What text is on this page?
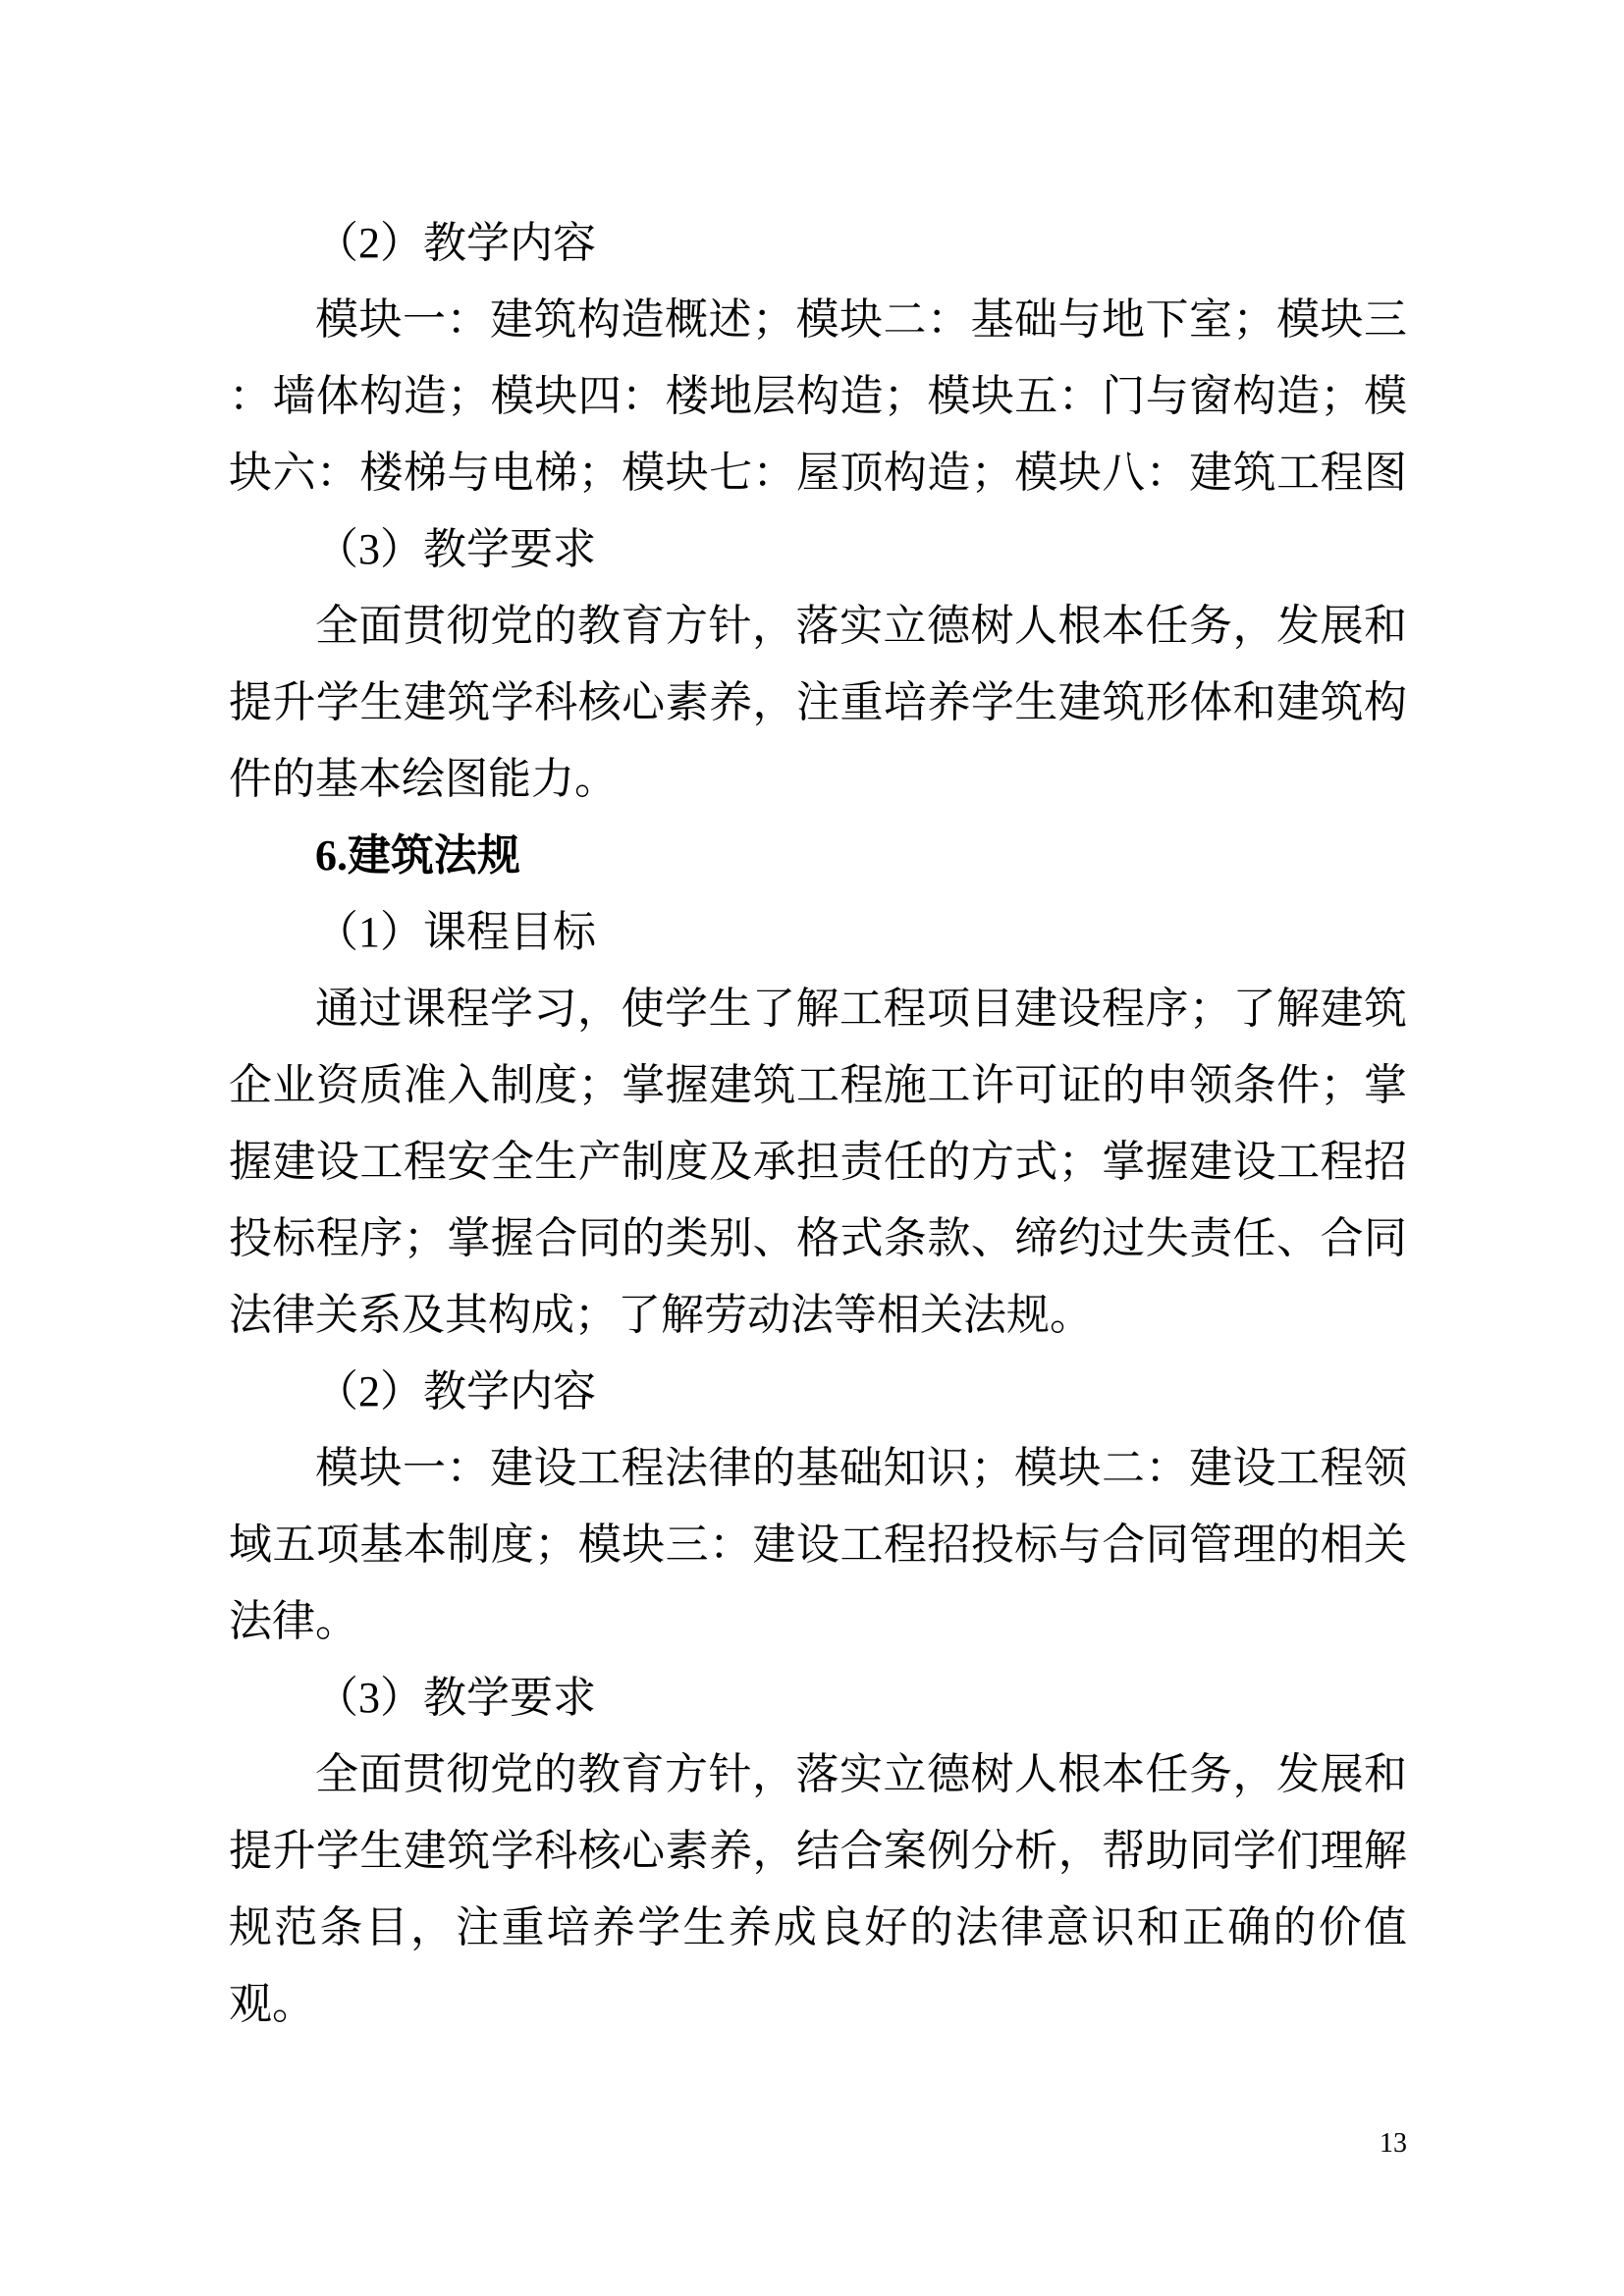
（2）教学内容
模块一：建筑构造概述；模块二：基础与地下室；模块三
：墙体构造；模块四：楼地层构造；模块五：门与窗构造；模
块六：楼梯与电梯；模块七：屋顶构造；模块八：建筑工程图
（3）教学要求
全面贯彻党的教育方针，落实立德树人根本任务，发展和
提升学生建筑学科核心素养，注重培养学生建筑形体和建筑构
件的基本绘图能力。
6.建筑法规
（1）课程目标
通过课程学习，使学生了解工程项目建设程序；了解建筑
企业资质准入制度；掌握建筑工程施工许可证的申领条件；掌
握建设工程安全生产制度及承担责任的方式；掌握建设工程招
投标程序；掌握合同的类别、格式条款、缔约过失责任、合同
法律关系及其构成；了解劳动法等相关法规。
（2）教学内容
模块一：建设工程法律的基础知识；模块二：建设工程领
域五项基本制度；模块三：建设工程招投标与合同管理的相关
法律。
（3）教学要求
全面贯彻党的教育方针，落实立德树人根本任务，发展和
提升学生建筑学科核心素养，结合案例分析，帮助同学们理解
规范条目，注重培养学生养成良好的法律意识和正确的价值
观。
13
